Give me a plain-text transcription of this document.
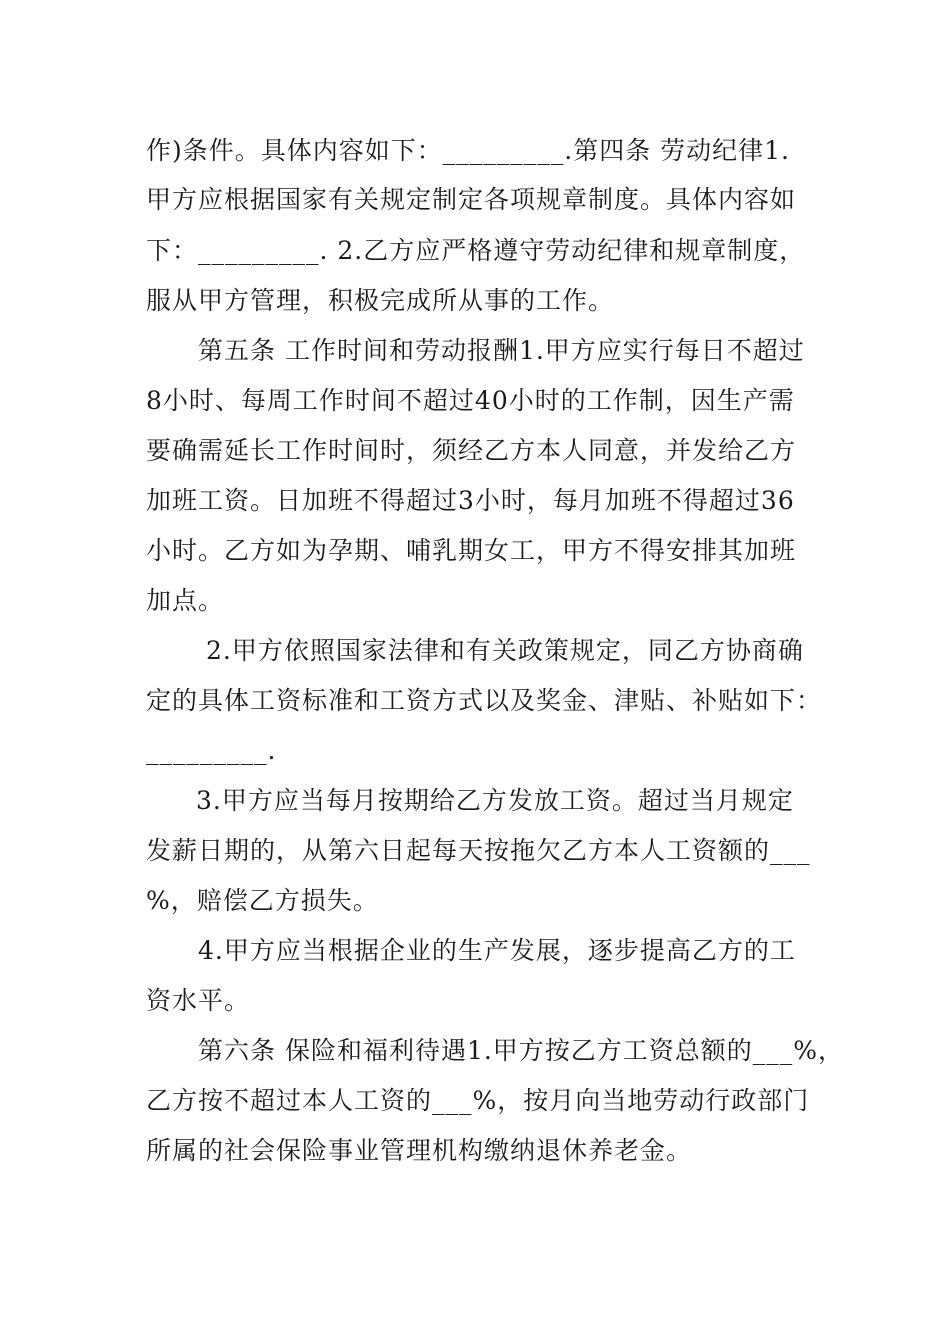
作)条件。具体内容如下：_________.第四条 劳动纪律1.
甲方应根据国家有关规定制定各项规章制度。具体内容如
下：_________. 2.乙方应严格遵守劳动纪律和规章制度，
服从甲方管理，积极完成所从事的工作。
第五条 工作时间和劳动报酬1.甲方应实行每日不超过
8小时、每周工作时间不超过40小时的工作制，因生产需
要确需延长工作时间时，须经乙方本人同意，并发给乙方
加班工资。日加班不得超过3小时，每月加班不得超过36
小时。乙方如为孕期、哺乳期女工，甲方不得安排其加班
加点。
2.甲方依照国家法律和有关政策规定，同乙方协商确
定的具体工资标准和工资方式以及奖金、津贴、补贴如下：
_________.
3.甲方应当每月按期给乙方发放工资。超过当月规定
发薪日期的，从第六日起每天按拖欠乙方本人工资额的___
%，赔偿乙方损失。
4.甲方应当根据企业的生产发展，逐步提高乙方的工
资水平。
第六条 保险和福利待遇1.甲方按乙方工资总额的___%，
乙方按不超过本人工资的___%，按月向当地劳动行政部门
所属的社会保险事业管理机构缴纳退休养老金。
